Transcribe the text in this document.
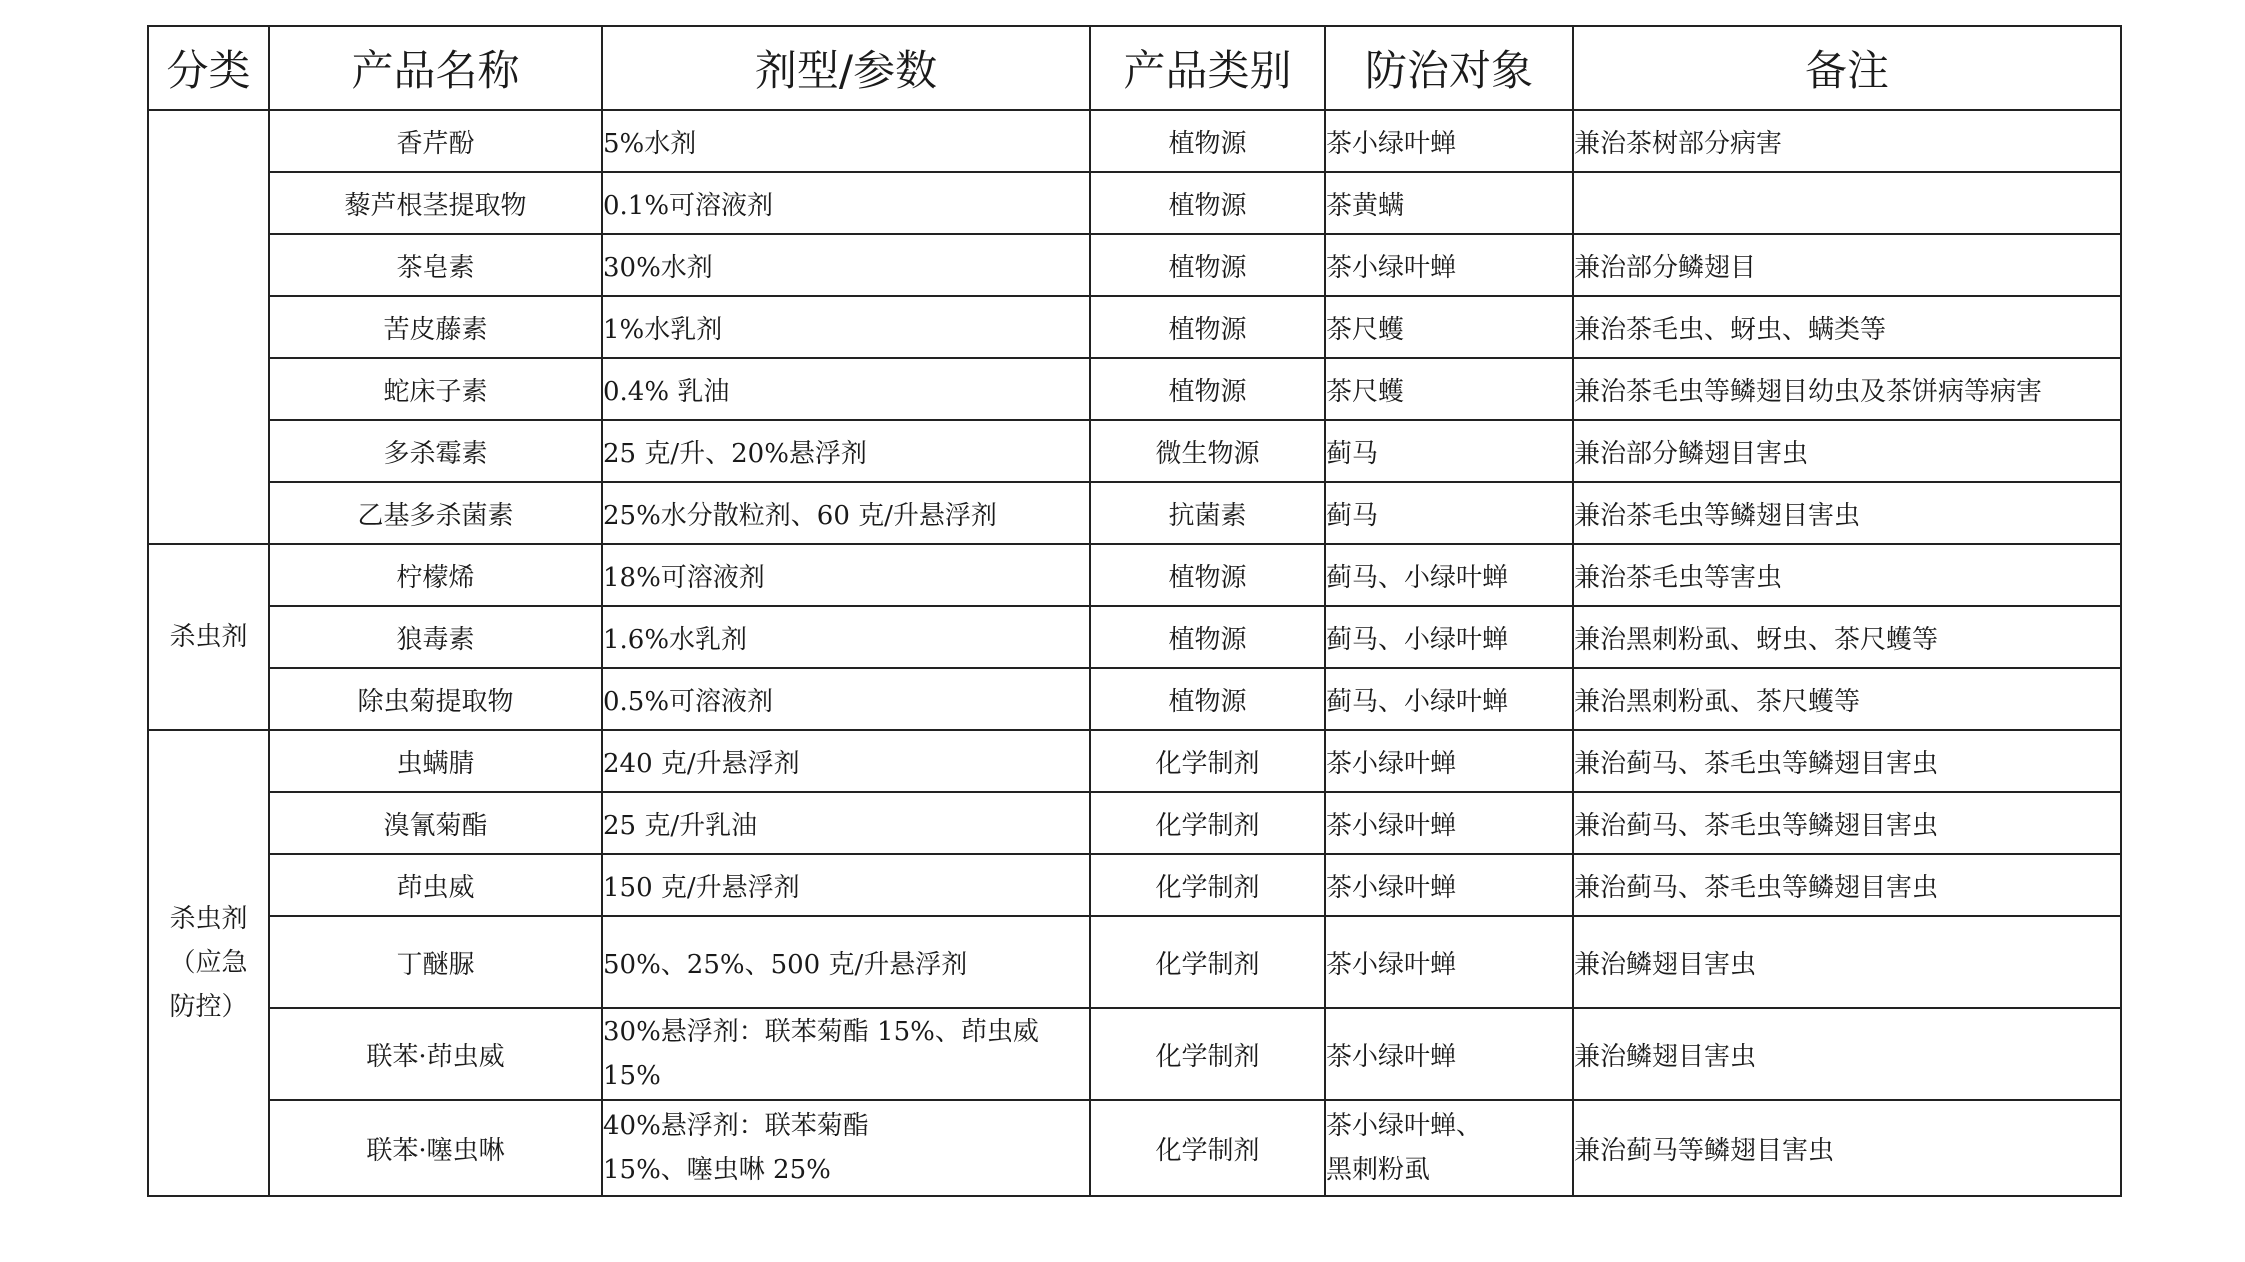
分类	产品名称	剂型/参数	产品类别	防治对象	备注
	香芹酚	5%水剂	植物源	茶小绿叶蝉	兼治茶树部分病害
	藜芦根茎提取物	0.1%可溶液剂	植物源	茶黄螨	
	茶皂素	30%水剂	植物源	茶小绿叶蝉	兼治部分鳞翅目
	苦皮藤素	1%水乳剂	植物源	茶尺蠖	兼治茶毛虫、蚜虫、螨类等
	蛇床子素	0.4% 乳油	植物源	茶尺蠖	兼治茶毛虫等鳞翅目幼虫及茶饼病等病害
	多杀霉素	25 克/升、20%悬浮剂	微生物源	蓟马	兼治部分鳞翅目害虫
	乙基多杀菌素	25%水分散粒剂、60 克/升悬浮剂	抗菌素	蓟马	兼治茶毛虫等鳞翅目害虫

杀虫剂	柠檬烯	18%可溶液剂	植物源	蓟马、小绿叶蝉	兼治茶毛虫等害虫
	狼毒素	1.6%水乳剂	植物源	蓟马、小绿叶蝉	兼治黑刺粉虱、蚜虫、茶尺蠖等
	除虫菊提取物	0.5%可溶液剂	植物源	蓟马、小绿叶蝉	兼治黑刺粉虱、茶尺蠖等

杀虫剂
（应急
防控）	虫螨腈	240 克/升悬浮剂	化学制剂	茶小绿叶蝉	兼治蓟马、茶毛虫等鳞翅目害虫
	溴氰菊酯	25 克/升乳油	化学制剂	茶小绿叶蝉	兼治蓟马、茶毛虫等鳞翅目害虫
	茚虫威	150 克/升悬浮剂	化学制剂	茶小绿叶蝉	兼治蓟马、茶毛虫等鳞翅目害虫
	丁醚脲	50%、25%、500 克/升悬浮剂	化学制剂	茶小绿叶蝉	兼治鳞翅目害虫
	联苯·茚虫威	30%悬浮剂：联苯菊酯 15%、茚虫威
15%	化学制剂	茶小绿叶蝉	兼治鳞翅目害虫
	联苯·噻虫啉	40%悬浮剂：联苯菊酯
15%、噻虫啉 25%	化学制剂	茶小绿叶蝉、
黑刺粉虱	兼治蓟马等鳞翅目害虫
